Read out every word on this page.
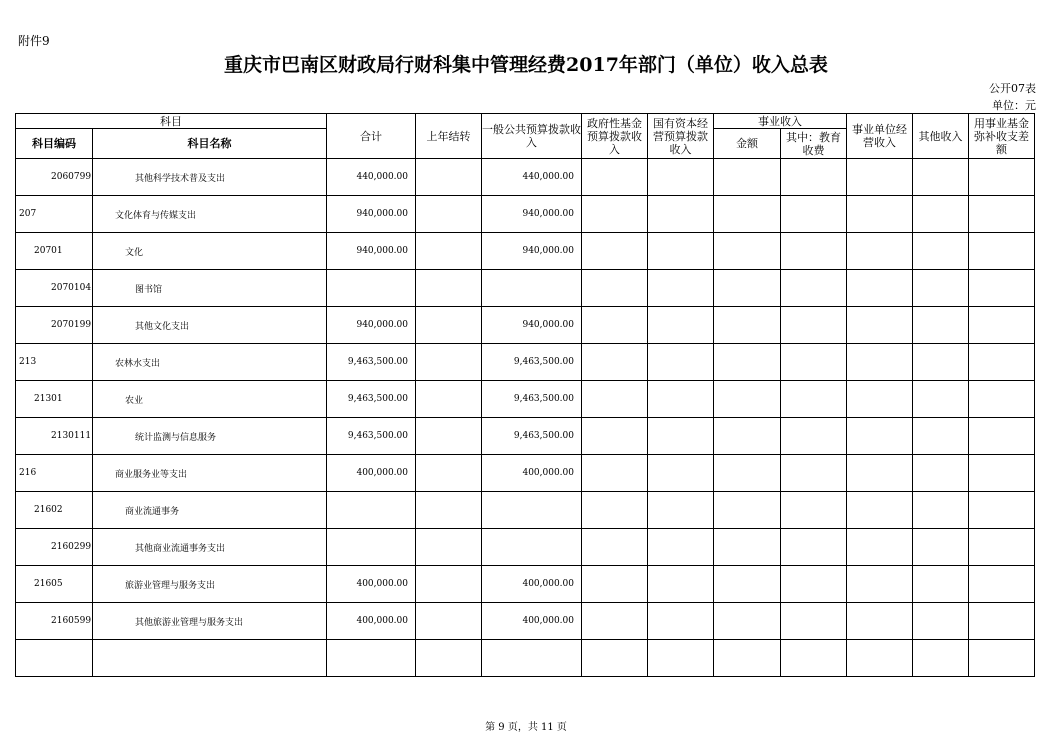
附件9
重庆市巴南区财政局行财科集中管理经费2017年部门（单位）收入总表
公开07表
单位：元
科目		合计	上年结转	一般公共预算拨款收入	政府性基金预算拨款收入	国有资本经营预算拨款收入	事业收入		事业单位经营收入	其他收入	用事业基金弥补收支差额
科目编码	科目名称						金额	其中：教育收费			
2060799	其他科学技术普及支出	440,000.00		440,000.00							
207	文化体育与传媒支出	940,000.00		940,000.00							
20701	文化	940,000.00		940,000.00							
2070104	图书馆										
2070199	其他文化支出	940,000.00		940,000.00							
213	农林水支出	9,463,500.00		9,463,500.00							
21301	农业	9,463,500.00		9,463,500.00							
2130111	统计监测与信息服务	9,463,500.00		9,463,500.00							
216	商业服务业等支出	400,000.00		400,000.00							
21602	商业流通事务										
2160299	其他商业流通事务支出										
21605	旅游业管理与服务支出	400,000.00		400,000.00							
2160599	其他旅游业管理与服务支出	400,000.00		400,000.00							

第 9 页，共 11 页
